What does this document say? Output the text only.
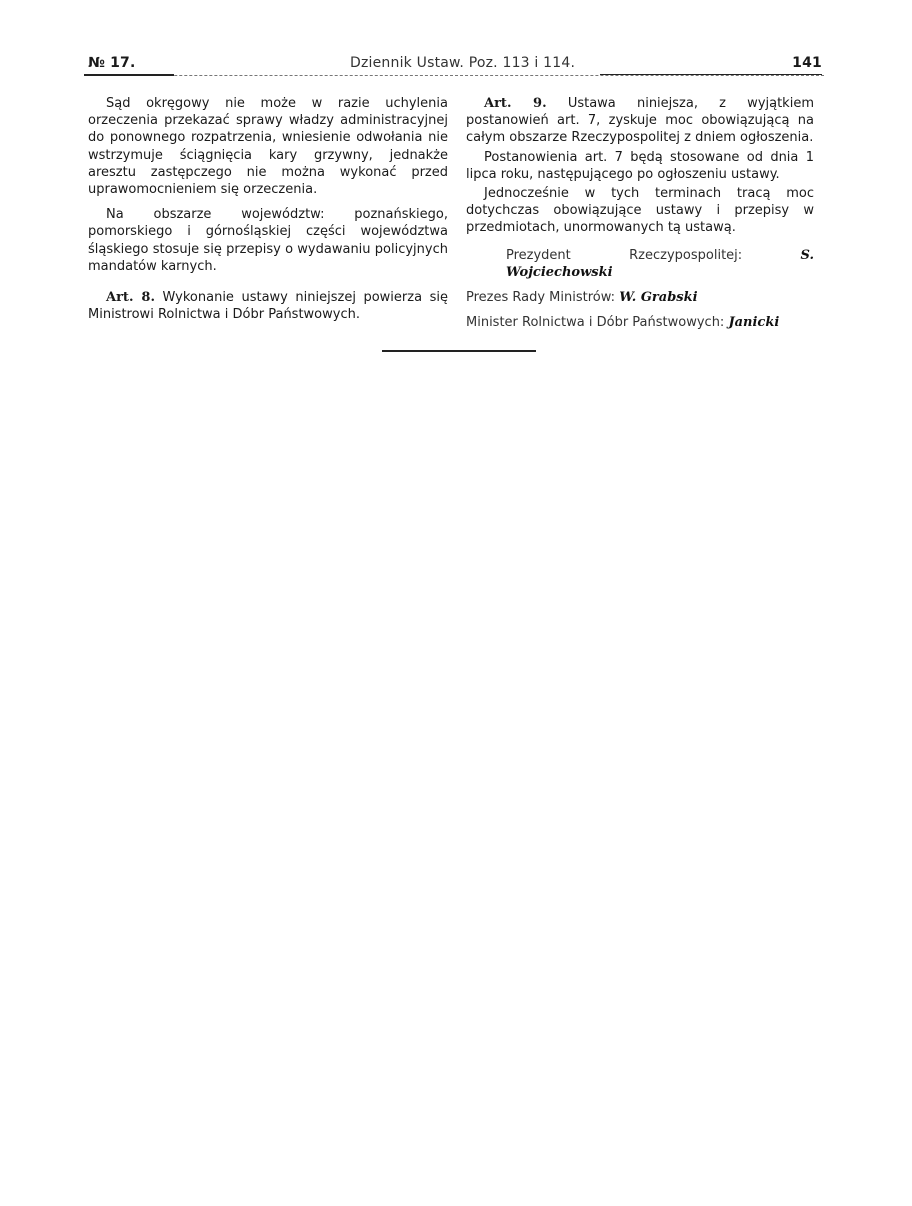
№ 17.	Dziennik Ustaw. Poz. 113 i 114.	141

Sąd okręgowy nie może w razie uchylenia orzeczenia przekazać sprawy władzy administracyjnej do ponownego rozpatrzenia, wniesienie odwołania nie wstrzymuje ściągnięcia kary grzywny, jednakże aresztu zastępczego nie można wykonać przed uprawomocnieniem się orzeczenia.

Na obszarze województw: poznańskiego, pomorskiego i górnośląskiej części województwa śląskiego stosuje się przepisy o wydawaniu policyjnych mandatów karnych.

Art. 8. Wykonanie ustawy niniejszej powierza się Ministrowi Rolnictwa i Dóbr Państwowych.

Art. 9. Ustawa niniejsza, z wyjątkiem postanowień art. 7, zyskuje moc obowiązującą na całym obszarze Rzeczypospolitej z dniem ogłoszenia.

Postanowienia art. 7 będą stosowane od dnia 1 lipca roku, następującego po ogłoszeniu ustawy.

Jednocześnie w tych terminach tracą moc dotychczas obowiązujące ustawy i przepisy w przedmiotach, unormowanych tą ustawą.

Prezydent Rzeczypospolitej:	S. Wojciechowski
Prezes Rady Ministrów: W. Grabski
Minister Rolnictwa i Dóbr Państwowych: Janicki
